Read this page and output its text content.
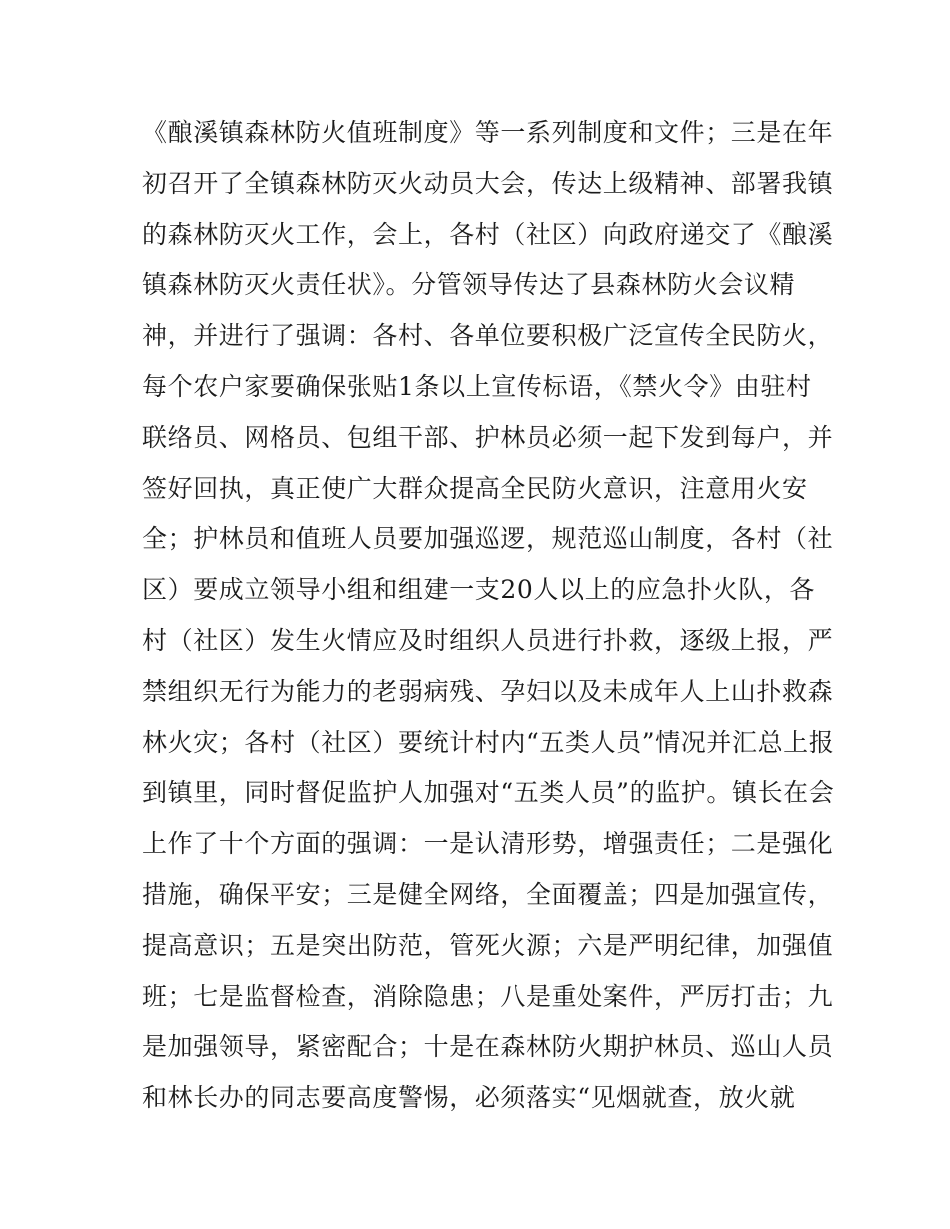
《酿溪镇森林防火值班制度》等一系列制度和文件；三是在年
初召开了全镇森林防灭火动员大会，传达上级精神、部署我镇
的森林防灭火工作，会上，各村（社区）向政府递交了《酿溪
镇森林防灭火责任状》。分管领导传达了县森林防火会议精
神，并进行了强调：各村、各单位要积极广泛宣传全民防火，
每个农户家要确保张贴1条以上宣传标语，《禁火令》由驻村
联络员、网格员、包组干部、护林员必须一起下发到每户，并
签好回执，真正使广大群众提高全民防火意识，注意用火安
全；护林员和值班人员要加强巡逻，规范巡山制度，各村（社
区）要成立领导小组和组建一支20人以上的应急扑火队，各
村（社区）发生火情应及时组织人员进行扑救，逐级上报，严
禁组织无行为能力的老弱病残、孕妇以及未成年人上山扑救森
林火灾；各村（社区）要统计村内“五类人员”情况并汇总上报
到镇里，同时督促监护人加强对“五类人员”的监护。镇长在会
上作了十个方面的强调：一是认清形势，增强责任；二是强化
措施，确保平安；三是健全网络，全面覆盖；四是加强宣传，
提高意识；五是突出防范，管死火源；六是严明纪律，加强值
班；七是监督检查，消除隐患；八是重处案件，严厉打击；九
是加强领导，紧密配合；十是在森林防火期护林员、巡山人员
和林长办的同志要高度警惕，必须落实“见烟就查，放火就
